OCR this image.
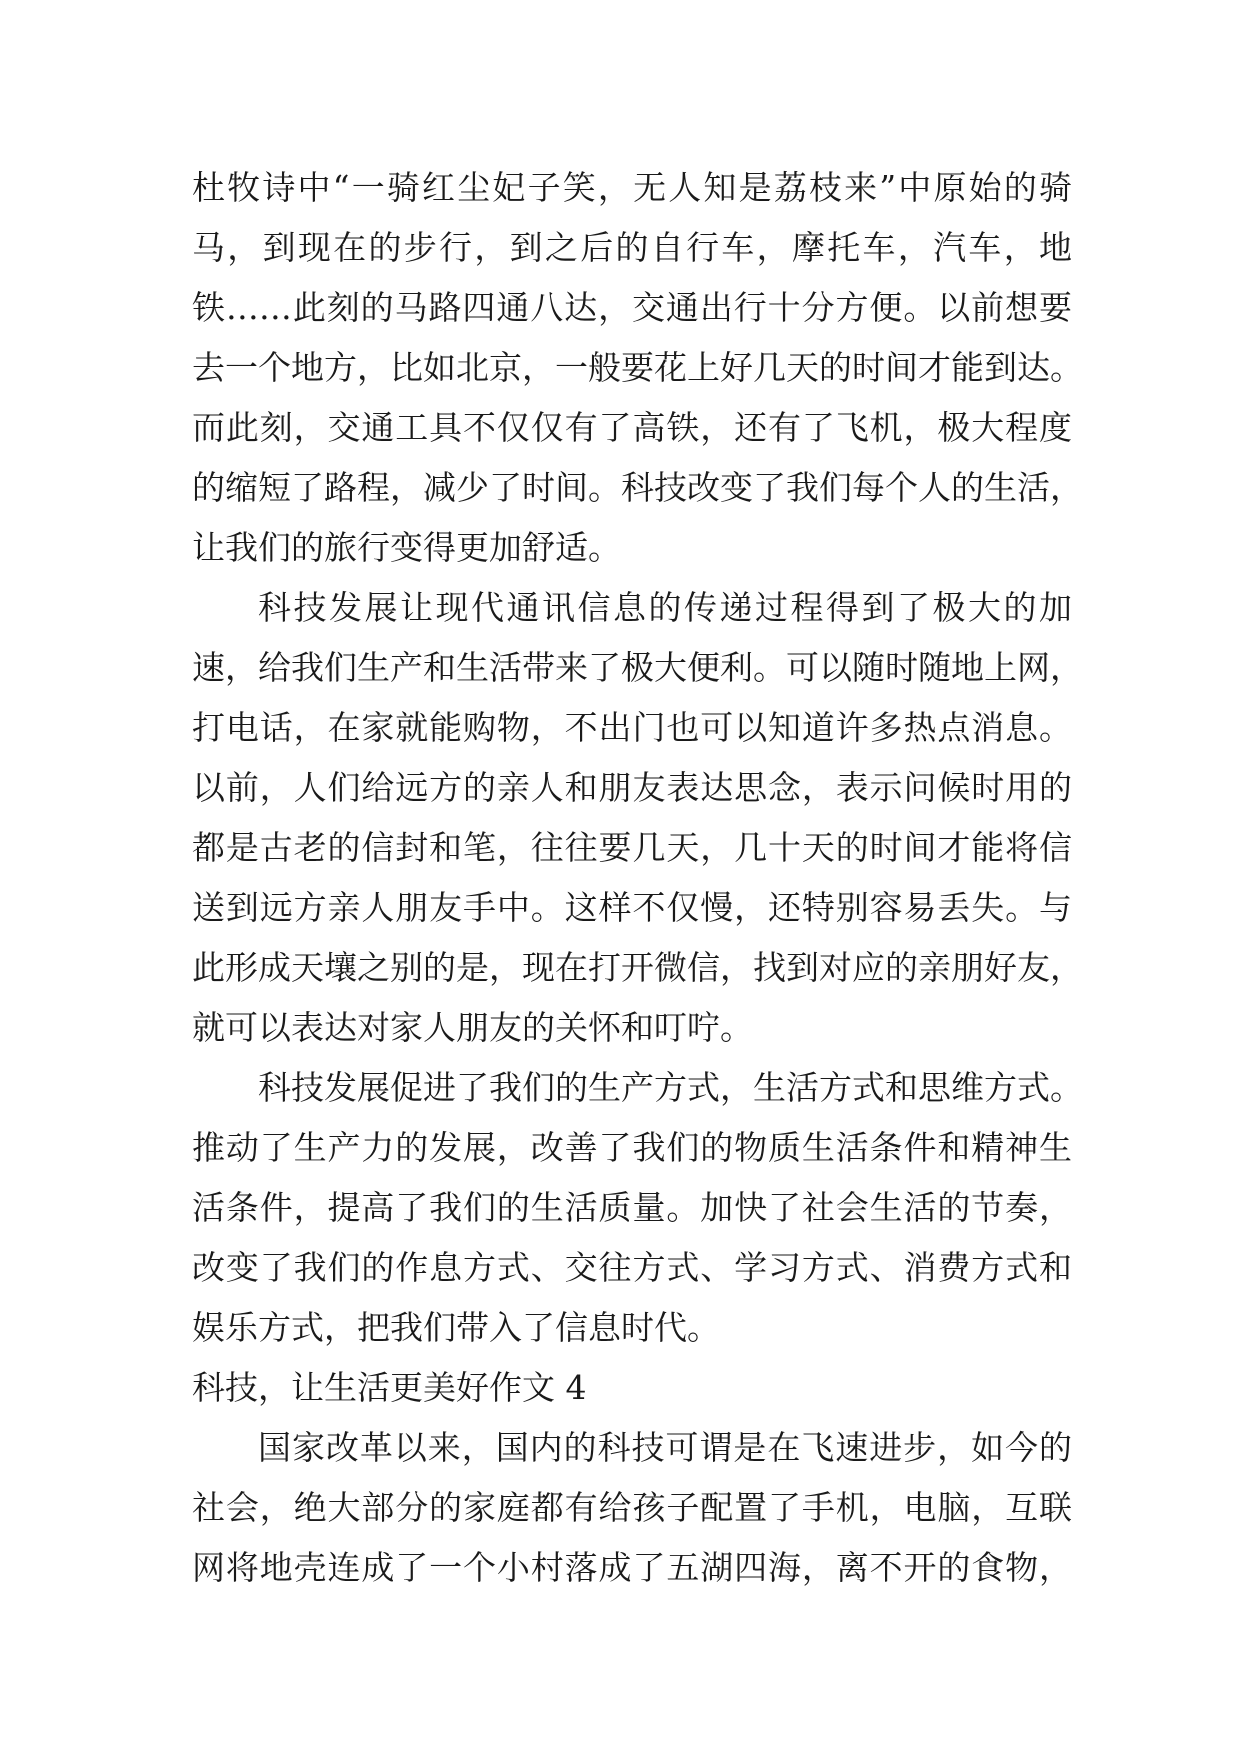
杜牧诗中“一骑红尘妃子笑，无人知是荔枝来”中原始的骑
马，到现在的步行，到之后的自行车，摩托车，汽车，地
铁……此刻的马路四通八达，交通出行十分方便。以前想要
去一个地方，比如北京，一般要花上好几天的时间才能到达。
而此刻，交通工具不仅仅有了高铁，还有了飞机，极大程度
的缩短了路程，减少了时间。科技改变了我们每个人的生活，
让我们的旅行变得更加舒适。
科技发展让现代通讯信息的传递过程得到了极大的加
速，给我们生产和生活带来了极大便利。可以随时随地上网，
打电话，在家就能购物，不出门也可以知道许多热点消息。
以前，人们给远方的亲人和朋友表达思念，表示问候时用的
都是古老的信封和笔，往往要几天，几十天的时间才能将信
送到远方亲人朋友手中。这样不仅慢，还特别容易丢失。与
此形成天壤之别的是，现在打开微信，找到对应的亲朋好友，
就可以表达对家人朋友的关怀和叮咛。
科技发展促进了我们的生产方式，生活方式和思维方式。
推动了生产力的发展，改善了我们的物质生活条件和精神生
活条件，提高了我们的生活质量。加快了社会生活的节奏，
改变了我们的作息方式、交往方式、学习方式、消费方式和
娱乐方式，把我们带入了信息时代。
科技，让生活更美好作文 4
国家改革以来，国内的科技可谓是在飞速进步，如今的
社会，绝大部分的家庭都有给孩子配置了手机，电脑，互联
网将地壳连成了一个小村落成了五湖四海，离不开的食物，
